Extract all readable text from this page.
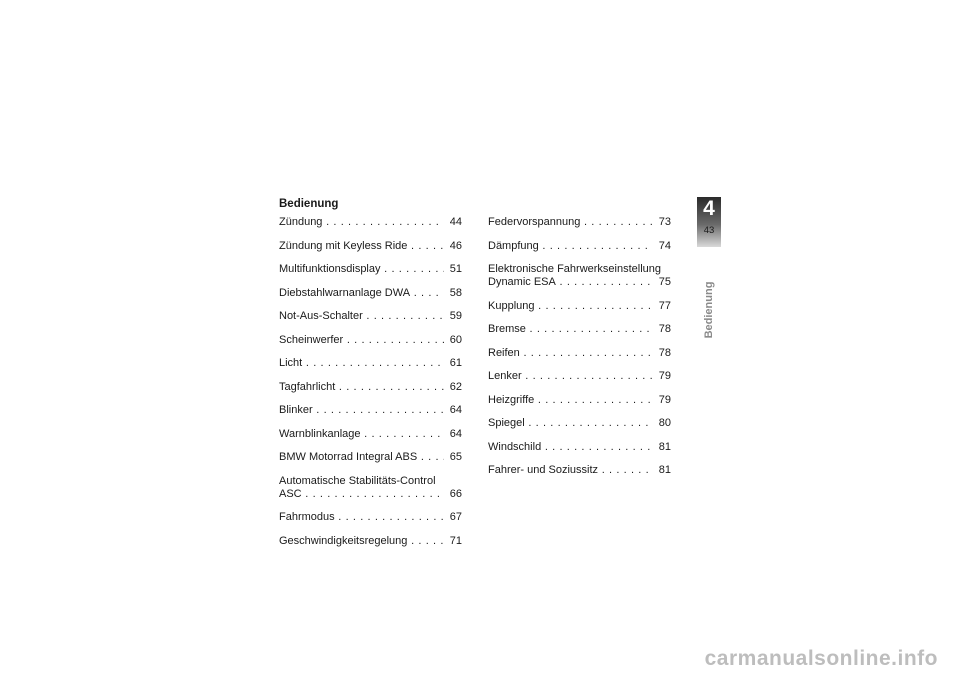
Bedienung
Zündung . . .	44
Zündung mit Keyless Ride . . .	46
Multifunktionsdisplay . . .	51
Diebstahlwarnanlage DWA . . .	58
Not-Aus-Schalter . . .	59
Scheinwerfer . . .	60
Licht . . .	61
Tagfahrlicht . . .	62
Blinker . . .	64
Warnblinkanlage . . .	64
BMW Motorrad Integral ABS . . .	65
Automatische Stabilitäts-Control
ASC . . .	66
Fahrmodus . . .	67
Geschwindigkeitsregelung . . .	71
Federvorspannung . . .	73
Dämpfung . . .	74
Elektronische Fahrwerkseinstellung
Dynamic ESA . . .	75
Kupplung . . .	77
Bremse . . .	78
Reifen . . .	78
Lenker . . .	79
Heizgriffe . . .	79
Spiegel . . .	80
Windschild . . .	81
Fahrer- und Soziussitz . . .	81
4
43
Bedienung
carmanualsonline.info
